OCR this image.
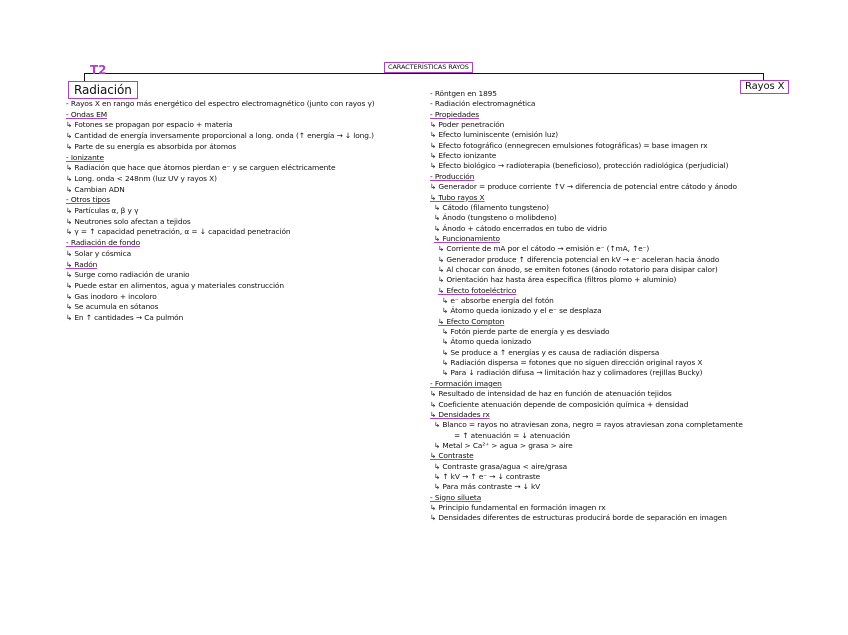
CARACTERÍSTICAS RAYOS
T2
Radiación	Rayos X
- Rayos X en rango más energético del espectro electromagnético (junto con rayos γ)
- Ondas EM
↳ Fotones se propagan por espacio + materia
↳ Cantidad de energía inversamente proporcional a long. onda (↑ energía → ↓ long.)
↳ Parte de su energía es absorbida por átomos
- Ionizante
↳ Radiación que hace que átomos pierdan e⁻ y se carguen eléctricamente
↳ Long. onda < 248nm (luz UV y rayos X)
↳ Cambian ADN
- Otros tipos
↳ Partículas α, β y γ
↳ Neutrones solo afectan a tejidos
↳ γ = ↑ capacidad penetración, α = ↓ capacidad penetración
- Radiación de fondo
↳ Solar y cósmica
↳ Radón
↳ Surge como radiación de uranio
↳ Puede estar en alimentos, agua y materiales construcción
↳ Gas inodoro + incoloro
↳ Se acumula en sótanos
↳ En ↑ cantidades → Ca pulmón
- Röntgen en 1895
- Radiación electromagnética
- Propiedades
↳ Poder penetración
↳ Efecto luminiscente (emisión luz)
↳ Efecto fotográfico (ennegrecen emulsiones fotográficas) = base imagen rx
↳ Efecto ionizante
↳ Efecto biológico → radioterapia (beneficioso), protección radiológica (perjudicial)
- Producción
↳ Generador = produce corriente ↑V → diferencia de potencial entre cátodo y ánodo
↳ Tubo rayos X
↳ Cátodo (filamento tungsteno)
↳ Ánodo (tungsteno o molibdeno)
↳ Ánodo + cátodo encerrados en tubo de vidrio
↳ Funcionamiento
↳ Corriente de mA por el cátodo → emisión e⁻ (↑mA, ↑e⁻)
↳ Generador produce ↑ diferencia potencial en kV → e⁻ aceleran hacia ánodo
↳ Al chocar con ánodo, se emiten fotones (ánodo rotatorio para disipar calor)
↳ Orientación haz hasta área específica (filtros plomo + aluminio)
↳ Efecto fotoeléctrico
↳ e⁻ absorbe energía del fotón
↳ Átomo queda ionizado y el e⁻ se desplaza
↳ Efecto Compton
↳ Fotón pierde parte de energía y es desviado
↳ Átomo queda ionizado
↳ Se produce a ↑ energías y es causa de radiación dispersa
↳ Radiación dispersa = fotones que no siguen dirección original rayos X
↳ Para ↓ radiación difusa → limitación haz y colimadores (rejillas Bucky)
- Formación imagen
↳ Resultado de intensidad de haz en función de atenuación tejidos
↳ Coeficiente atenuación depende de composición química + densidad
↳ Densidades rx
↳ Blanco = rayos no atraviesan zona, negro = rayos atraviesan zona completamente
= ↑ atenuación = ↓ atenuación
↳ Metal > Ca²⁺ > agua > grasa > aire
↳ Contraste
↳ Contraste grasa/agua < aire/grasa
↳ ↑ kV → ↑ e⁻ → ↓ contraste
↳ Para más contraste → ↓ kV
- Signo silueta
↳ Principio fundamental en formación imagen rx
↳ Densidades diferentes de estructuras producirá borde de separación en imagen
